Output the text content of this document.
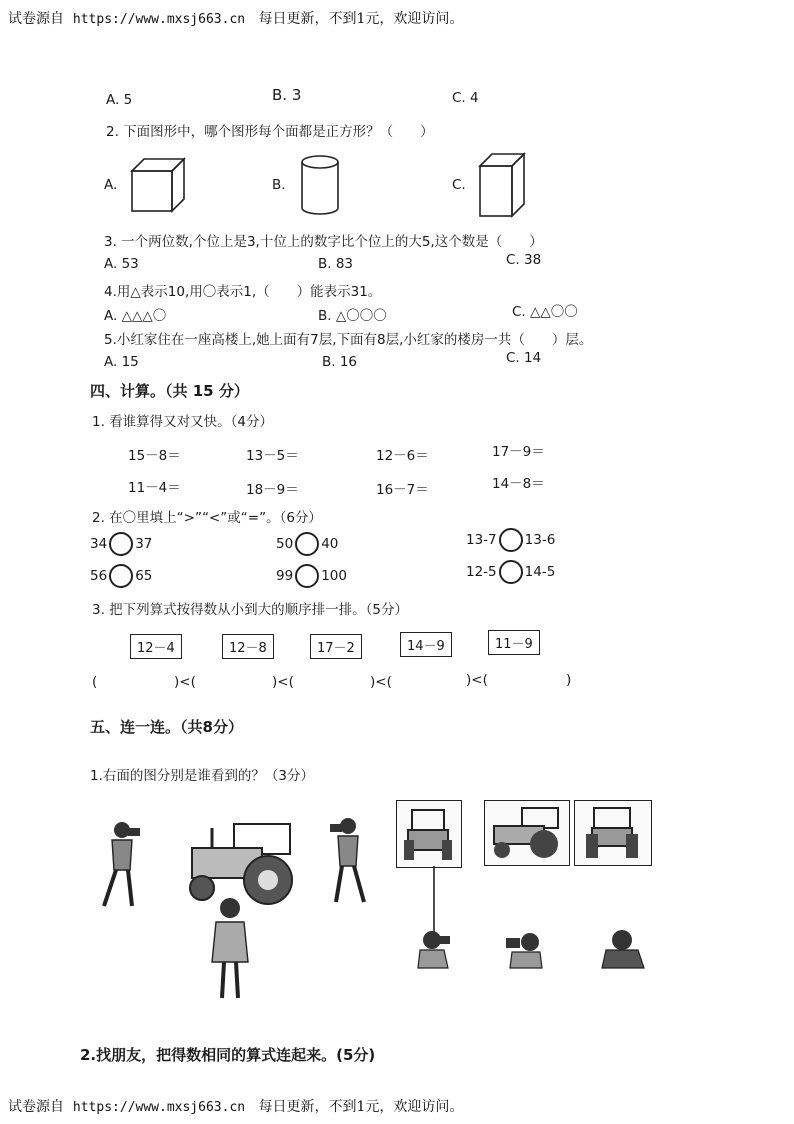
试卷源自 https://www.mxsj663.cn 每日更新，不到1元，欢迎访问。
A. 5	B. 3	C. 4
2. 下面图形中，哪个图形每个面都是正方形？（　　）
A.	B.	C.
3. 一个两位数,个位上是3,十位上的数字比个位上的大5,这个数是（　　）
A. 53	B. 83	C. 38
4.用△表示10,用〇表示1,（　　）能表示31。
A. △△△〇	B. △〇〇〇	C. △△〇〇
5.小红家住在一座高楼上,她上面有7层,下面有8层,小红家的楼房一共（　　）层。
A. 15	B. 16	C. 14
四、计算。（共 15 分）
1. 看谁算得又对又快。（4分）
15－8＝	13－5＝	12－6＝	17－9＝
11－4＝	18－9＝	16－7＝	14－8＝
2. 在〇里填上“>”“<”或“=”。（6分）
34 37	50 40	13-7 13-6
56 65	99 100	12-5 14-5
3. 把下列算式按得数从小到大的顺序排一排。（5分）
12－4	12－8	17－2	14－9	11－9
(	)<(	)<(	)<(	)<(	)
五、连一连。（共8分）
1.右面的图分别是谁看到的？（3分）
2.找朋友，把得数相同的算式连起来。(5分)
试卷源自 https://www.mxsj663.cn 每日更新，不到1元，欢迎访问。
